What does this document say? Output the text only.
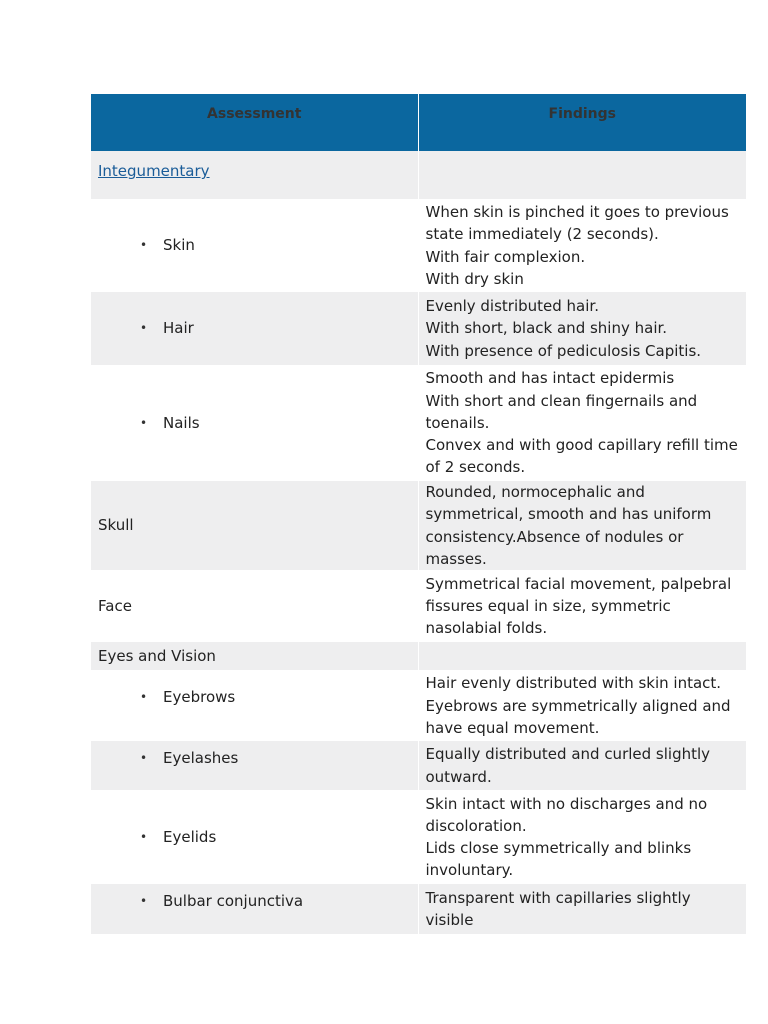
Assessment	Findings
Integumentary	

• Skin	When skin is pinched it goes to previous state immediately (2 seconds).
With fair complexion.
With dry skin

• Hair	Evenly distributed hair.
With short, black and shiny hair.
With presence of pediculosis Capitis.

• Nails	Smooth and has intact epidermis
With short and clean fingernails and toenails.
Convex and with good capillary refill time of 2 seconds.

Skull	Rounded, normocephalic and symmetrical, smooth and has uniform consistency.Absence of nodules or masses.

Face	Symmetrical facial movement, palpebral fissures equal in size, symmetric nasolabial folds.

Eyes and Vision	

• Eyebrows	Hair evenly distributed with skin intact.
Eyebrows are symmetrically aligned and have equal movement.

• Eyelashes	Equally distributed and curled slightly outward.

• Eyelids	Skin intact with no discharges and no discoloration.
Lids close symmetrically and blinks involuntary.

• Bulbar conjunctiva	Transparent with capillaries slightly visible
